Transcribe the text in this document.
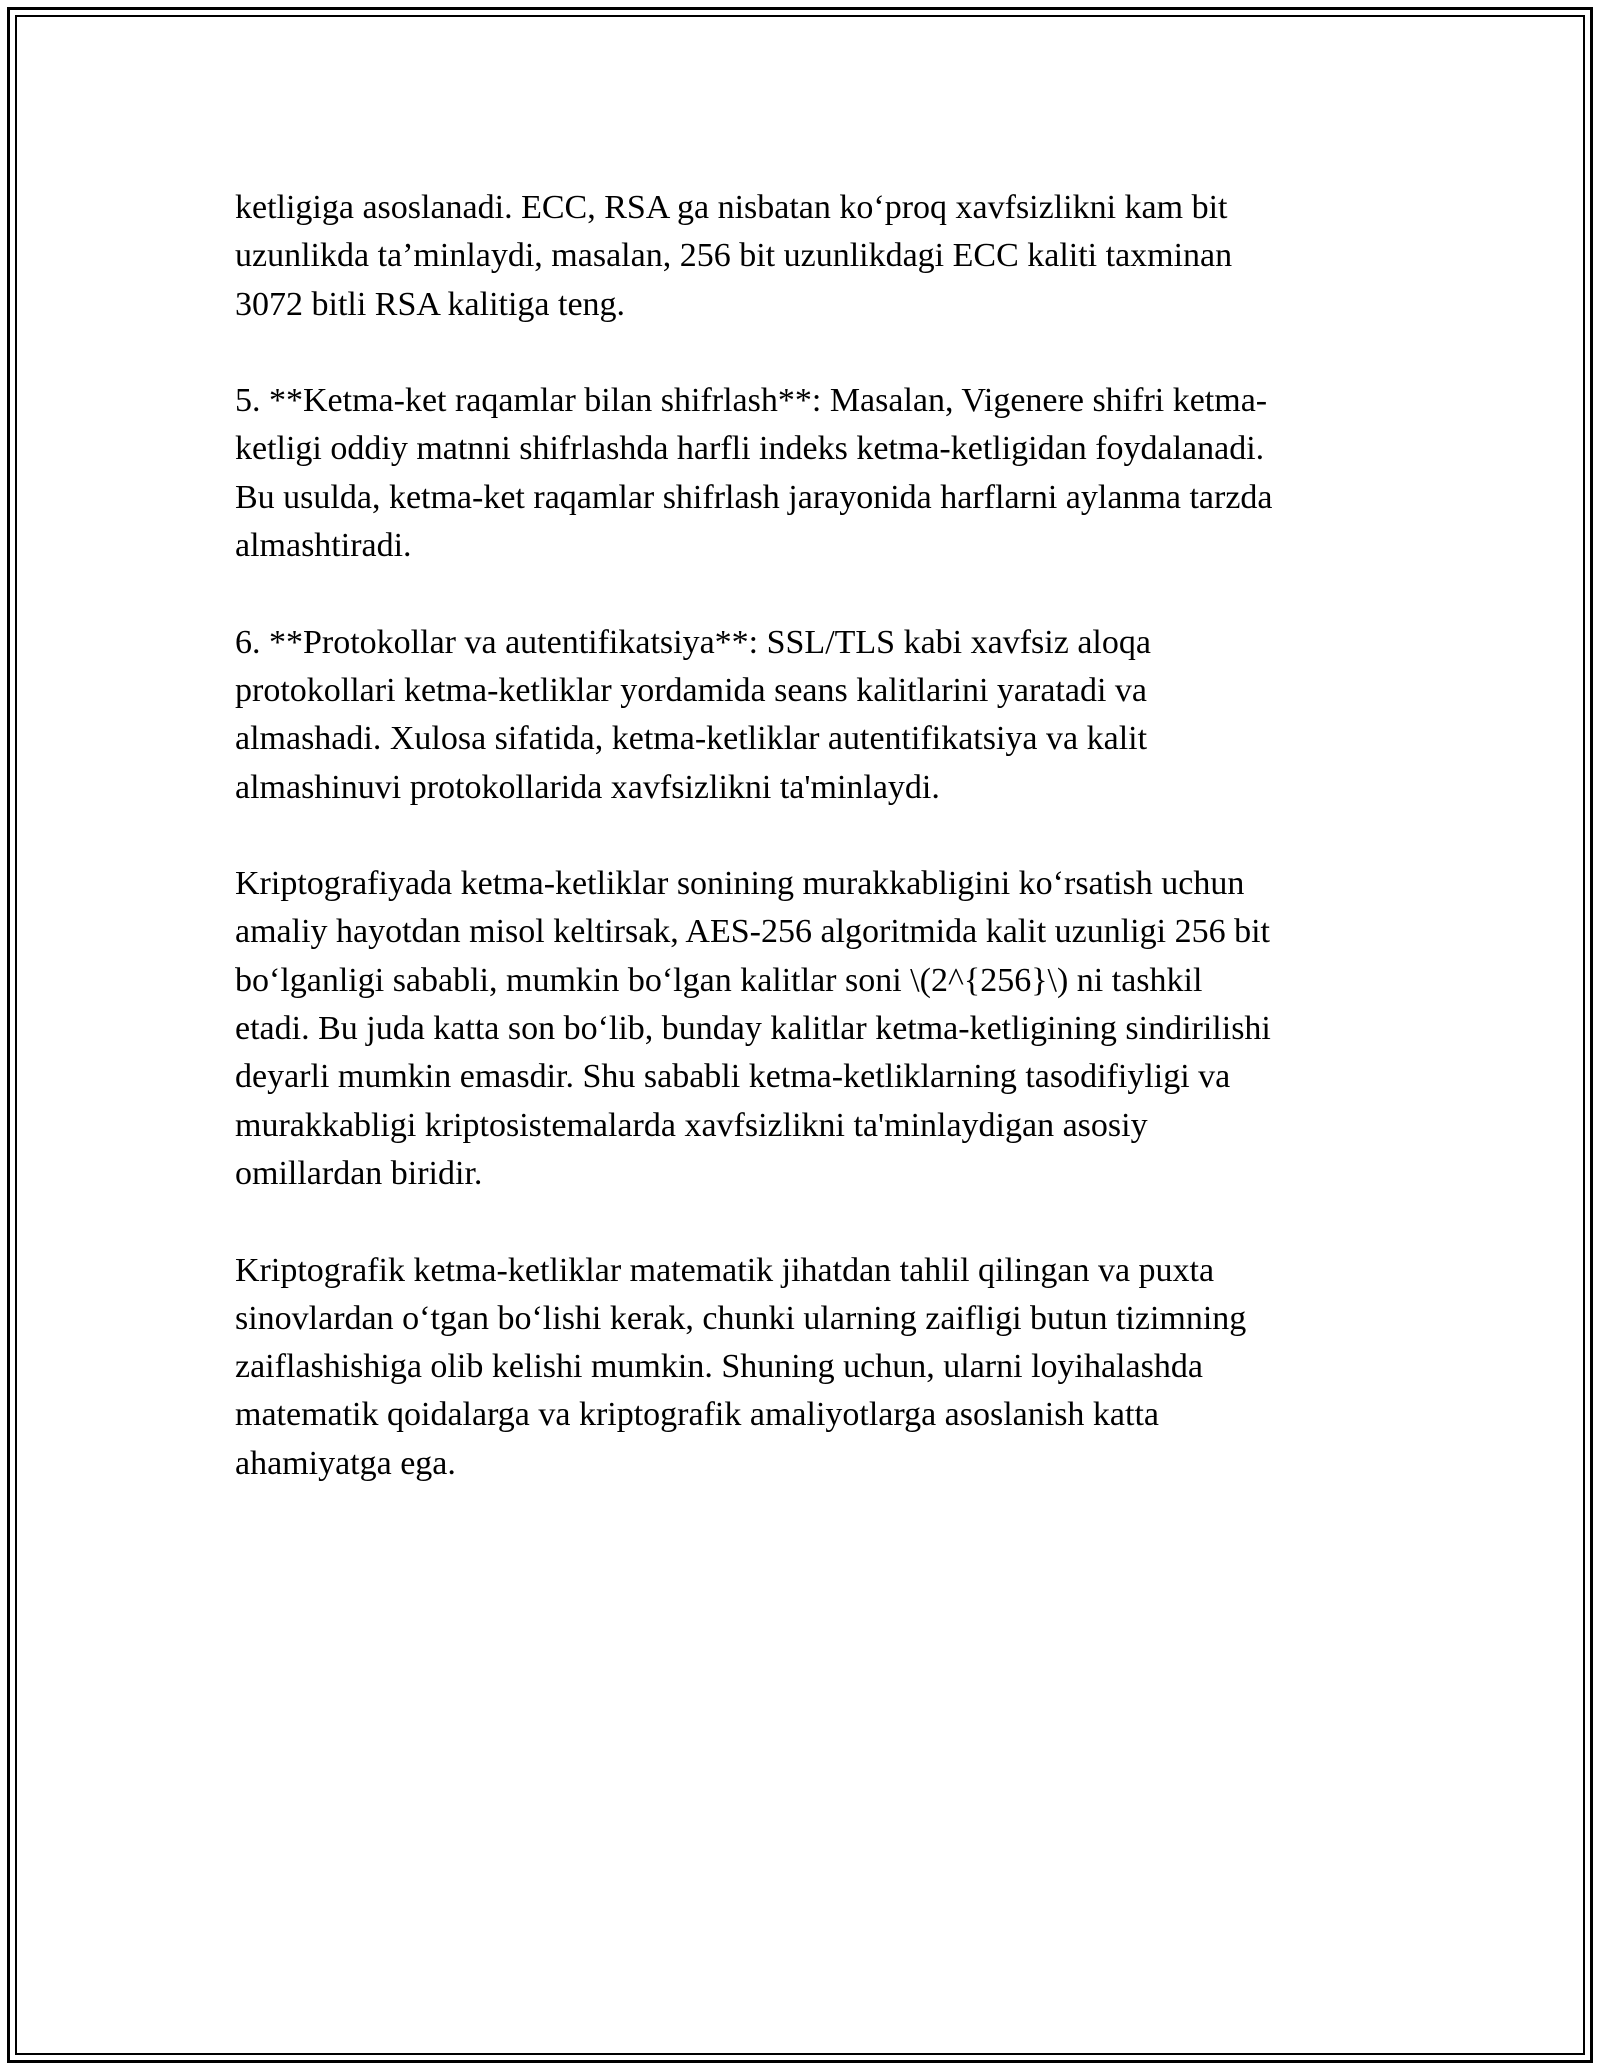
ketligiga asoslanadi. ECC, RSA ga nisbatan ko‘proq xavfsizlikni kam bit
uzunlikda ta’minlaydi, masalan, 256 bit uzunlikdagi ECC kaliti taxminan
3072 bitli RSA kalitiga teng.

5. **Ketma-ket raqamlar bilan shifrlash**: Masalan, Vigenere shifri ketma-
ketligi oddiy matnni shifrlashda harfli indeks ketma-ketligidan foydalanadi.
Bu usulda, ketma-ket raqamlar shifrlash jarayonida harflarni aylanma tarzda
almashtiradi.

6. **Protokollar va autentifikatsiya**: SSL/TLS kabi xavfsiz aloqa
protokollari ketma-ketliklar yordamida seans kalitlarini yaratadi va
almashadi. Xulosa sifatida, ketma-ketliklar autentifikatsiya va kalit
almashinuvi protokollarida xavfsizlikni ta'minlaydi.

Kriptografiyada ketma-ketliklar sonining murakkabligini ko‘rsatish uchun
amaliy hayotdan misol keltirsak, AES-256 algoritmida kalit uzunligi 256 bit
bo‘lganligi sababli, mumkin bo‘lgan kalitlar soni \(2^{256}\) ni tashkil
etadi. Bu juda katta son bo‘lib, bunday kalitlar ketma-ketligining sindirilishi
deyarli mumkin emasdir. Shu sababli ketma-ketliklarning tasodifiyligi va
murakkabligi kriptosistemalarda xavfsizlikni ta'minlaydigan asosiy
omillardan biridir.

Kriptografik ketma-ketliklar matematik jihatdan tahlil qilingan va puxta
sinovlardan o‘tgan bo‘lishi kerak, chunki ularning zaifligi butun tizimning
zaiflashishiga olib kelishi mumkin. Shuning uchun, ularni loyihalashda
matematik qoidalarga va kriptografik amaliyotlarga asoslanish katta
ahamiyatga ega.
